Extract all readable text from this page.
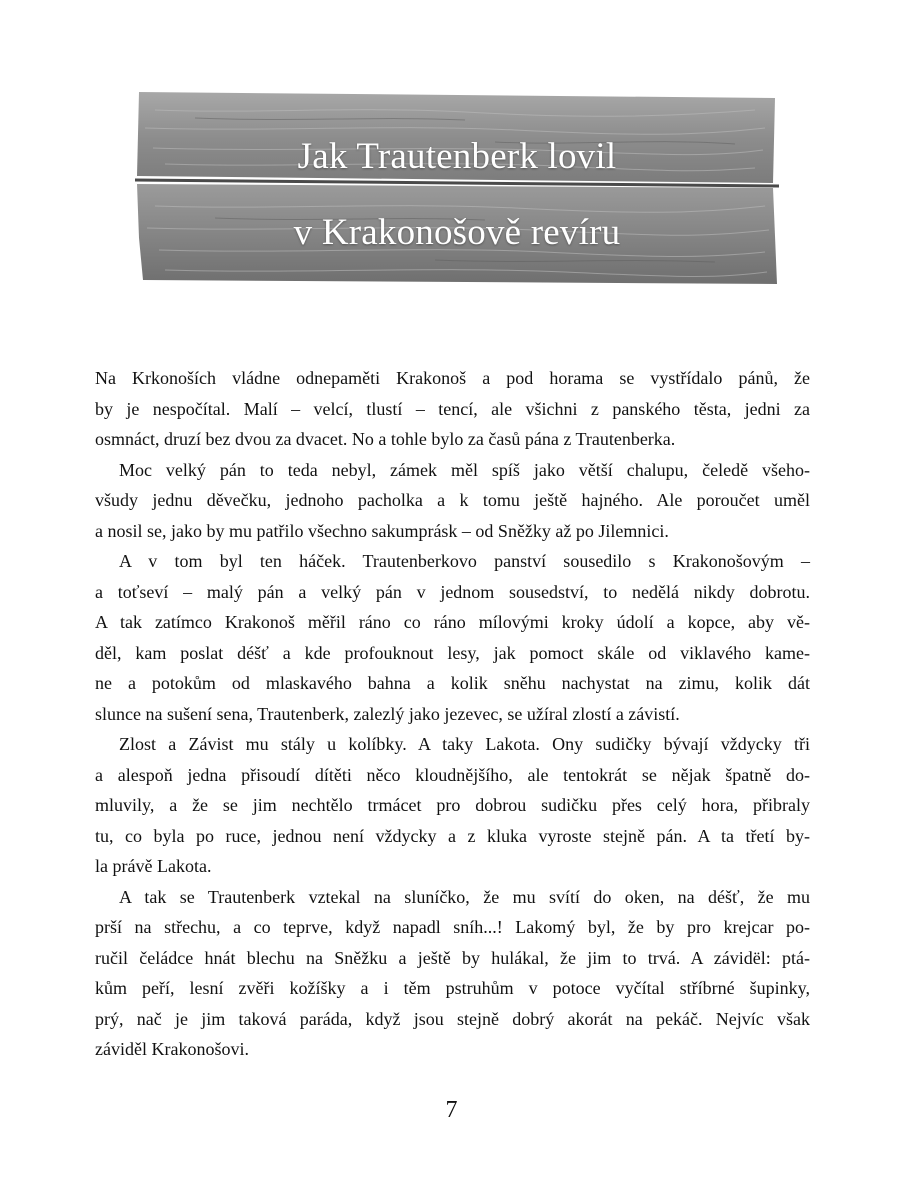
Jak Trautenberk lovil
v Krakonošově revíru

Na Krkonoších vládne odnepaměti Krakonoš a pod horama se vystřídalo pánů, že
by je nespočítal. Malí – velcí, tlustí – tencí, ale všichni z panského těsta, jedni za
osmnáct, druzí bez dvou za dvacet. No a tohle bylo za časů pána z Trautenberka.

Moc velký pán to teda nebyl, zámek měl spíš jako větší chalupu, čeledě všeho-
všudy jednu děvečku, jednoho pacholka a k tomu ještě hajného. Ale poroučet uměl
a nosil se, jako by mu patřilo všechno sakumprásk – od Sněžky až po Jilemnici.

A v tom byl ten háček. Trautenberkovo panství sousedilo s Krakonošovým –
a toťseví – malý pán a velký pán v jednom sousedství, to nedělá nikdy dobrotu.
A tak zatímco Krakonoš měřil ráno co ráno mílovými kroky údolí a kopce, aby vě-
děl, kam poslat déšť a kde profouknout lesy, jak pomoct skále od viklavého kame-
ne a potokům od mlaskavého bahna a kolik sněhu nachystat na zimu, kolik dát
slunce na sušení sena, Trautenberk, zalezlý jako jezevec, se užíral zlostí a závistí.

Zlost a Závist mu stály u kolíbky. A taky Lakota. Ony sudičky bývají vždycky tři
a alespoň jedna přisoudí dítěti něco kloudnějšího, ale tentokrát se nějak špatně do-
mluvily, a že se jim nechtělo trmácet pro dobrou sudičku přes celý hora, přibraly
tu, co byla po ruce, jednou není vždycky a z kluka vyroste stejně pán. A ta třetí by-
la právě Lakota.

A tak se Trautenberk vztekal na sluníčko, že mu svítí do oken, na déšť, že mu
prší na střechu, a co teprve, když napadl sníh...! Lakomý byl, že by pro krejcar po-
ručil čeládce hnát blechu na Sněžku a ještě by hulákal, že jim to trvá. A závidël: ptá-
kům peří, lesní zvěři kožíšky a i těm pstruhům v potoce vyčítal stříbrné šupinky,
prý, nač je jim taková paráda, když jsou stejně dobrý akorát na pekáč. Nejvíc však
záviděl Krakonošovi.

7
